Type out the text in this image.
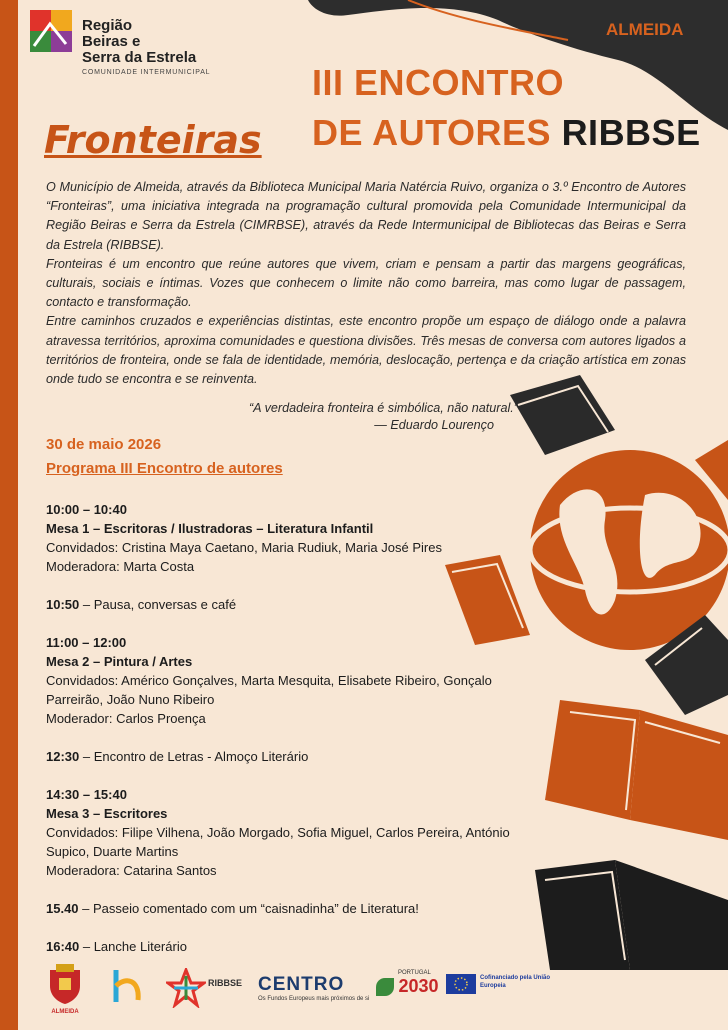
Região
Beiras e
Serra da Estrela
COMUNIDADE INTERMUNICIPAL
ALMEIDA
III ENCONTRO
DE AUTORES RIBBSE
Fronteiras

O Município de Almeida, através da Biblioteca Municipal Maria Natércia Ruivo, organiza o 3.º Encontro de Autores “Fronteiras”, uma iniciativa integrada na programação cultural promovida pela Comunidade Intermunicipal da Região Beiras e Serra da Estrela (CIMRBSE), através da Rede Intermunicipal de Bibliotecas das Beiras e Serra da Estrela (RIBBSE).

Fronteiras é um encontro que reúne autores que vivem, criam e pensam a partir das margens geográficas, culturais, sociais e íntimas. Vozes que conhecem o limite não como barreira, mas como lugar de passagem, contacto e transformação.

Entre caminhos cruzados e experiências distintas, este encontro propõe um espaço de diálogo onde a palavra atravessa territórios, aproxima comunidades e questiona divisões. Três mesas de conversa com autores ligados a territórios de fronteira, onde se fala de identidade, memória, deslocação, pertença e da criação artística em zonas onde tudo se encontra e se reinventa.

“A verdadeira fronteira é simbólica, não natural.”
— Eduardo Lourenço
30 de maio 2026
Programa III Encontro de autores
10:00 – 10:40
Mesa 1 – Escritoras / Ilustradoras – Literatura Infantil
Convidados: Cristina Maya Caetano, Maria Rudiuk, Maria José Pires
Moderadora: Marta Costa
10:50 – Pausa, conversas e café
11:00 – 12:00
Mesa 2 – Pintura / Artes
Convidados: Américo Gonçalves, Marta Mesquita, Elisabete Ribeiro, Gonçalo Parreirão, João Nuno Ribeiro
Moderador: Carlos Proença
12:30 – Encontro de Letras - Almoço Literário
14:30 – 15:40
Mesa 3 – Escritores
Convidados: Filipe Vilhena, João Morgado, Sofia Miguel, Carlos Pereira, António Supico, Duarte Martins
Moderadora: Catarina Santos
15.40 – Passeio comentado com um “caisnadinha” de Literatura!
16:40 – Lanche Literário
ALMEIDA
RIBBSE CENTRO
Os Fundos Europeus mais próximos de si
PORTUGAL
2030	Cofinanciado pela União Europeia
